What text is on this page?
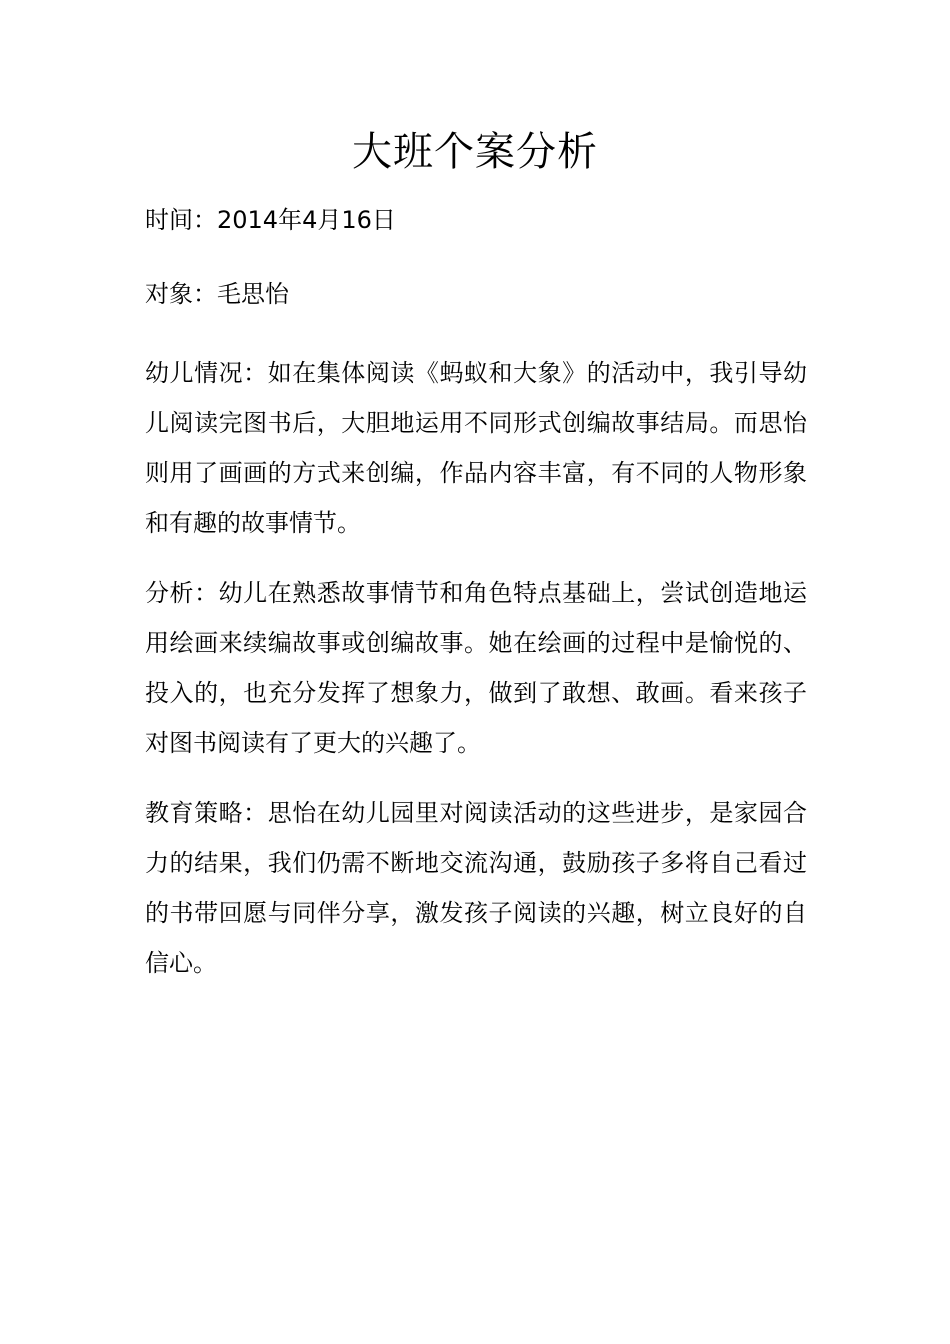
大班个案分析

时间：2014年4月16日

对象：毛思怡

幼儿情况：如在集体阅读《蚂蚁和大象》的活动中，我引导幼儿阅读完图书后，大胆地运用不同形式创编故事结局。而思怡则用了画画的方式来创编，作品内容丰富，有不同的人物形象和有趣的故事情节。

分析：幼儿在熟悉故事情节和角色特点基础上，尝试创造地运用绘画来续编故事或创编故事。她在绘画的过程中是愉悦的、投入的，也充分发挥了想象力，做到了敢想、敢画。看来孩子对图书阅读有了更大的兴趣了。

教育策略：思怡在幼儿园里对阅读活动的这些进步，是家园合力的结果，我们仍需不断地交流沟通，鼓励孩子多将自己看过的书带回愿与同伴分享，激发孩子阅读的兴趣，树立良好的自信心。
